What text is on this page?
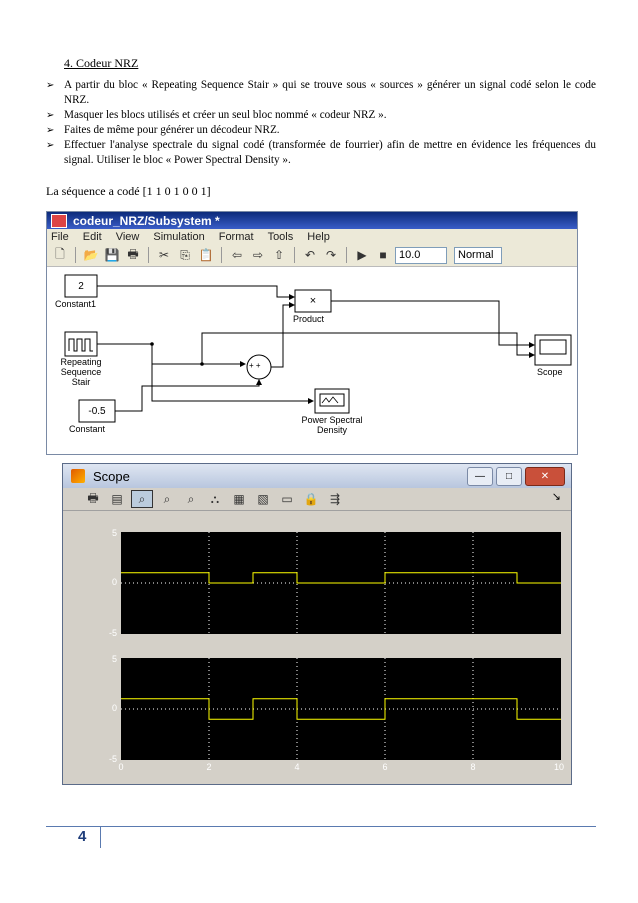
4. Codeur NRZ
➢ A partir du bloc « Repeating Sequence Stair » qui se trouve sous « sources » générer un signal codé selon le code NRZ.
➢ Masquer les blocs utilisés et créer un seul bloc nommé « codeur NRZ ».
➢ Faites de même pour générer un décodeur NRZ.
➢ Effectuer l'analyse spectrale du signal codé (transformée de fourrier) afin de mettre en évidence les fréquences du signal. Utiliser le bloc « Power Spectral Density ».
La séquence a codé [1 1 0 1 0 0 1]
codeur_NRZ/Subsystem *
File Edit View Simulation Format Tools Help
🗋	📂 💾 🖶	✂ ⎘ 📋	⇦ ⇨ ⇧	↶ ↷	▶	■	10.0	Normal
2
Constant1
Repeating
Sequence
Stair
×
Product
+ +
Scope
-0.5
Constant
Power Spectral
Density
Scope	—	□	✕
🖶	▤	⌕	⌕	⌕	⛬	▦	▧	▭ 🔒 ⇶	↘
5
0
-5
5
0
-5
0	2	4	6	8	10
4
